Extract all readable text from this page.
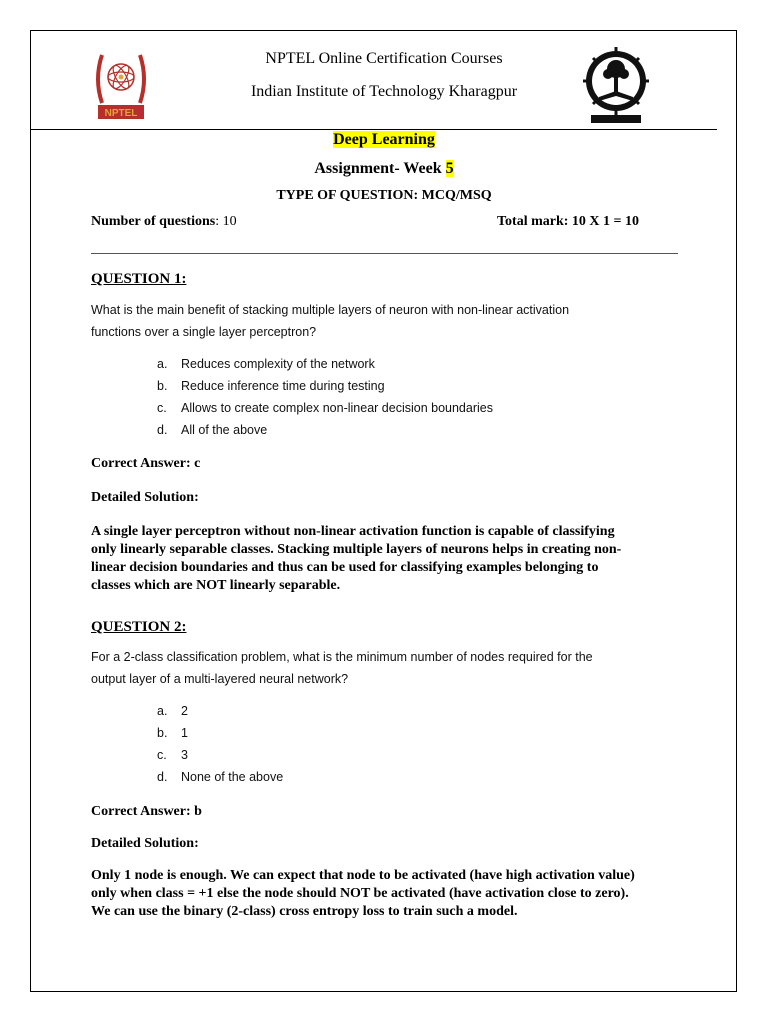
NPTEL
NPTEL Online Certification Courses
Indian Institute of Technology Kharagpur
Deep Learning
Assignment- Week 5
TYPE OF QUESTION: MCQ/MSQ
Number of questions: 10	Total mark: 10 X 1 = 10
QUESTION 1:
What is the main benefit of stacking multiple layers of neuron with non-linear activation
functions over a single layer perceptron?
a. Reduces complexity of the network
b. Reduce inference time during testing
c. Allows to create complex non-linear decision boundaries
d. All of the above
Correct Answer: c
Detailed Solution:
A single layer perceptron without non-linear activation function is capable of classifying
only linearly separable classes. Stacking multiple layers of neurons helps in creating non-
linear decision boundaries and thus can be used for classifying examples belonging to
classes which are NOT linearly separable.
QUESTION 2:
For a 2-class classification problem, what is the minimum number of nodes required for the
output layer of a multi-layered neural network?
a. 2
b. 1
c. 3
d. None of the above
Correct Answer: b
Detailed Solution:
Only 1 node is enough. We can expect that node to be activated (have high activation value)
only when class = +1 else the node should NOT be activated (have activation close to zero).
We can use the binary (2-class) cross entropy loss to train such a model.
